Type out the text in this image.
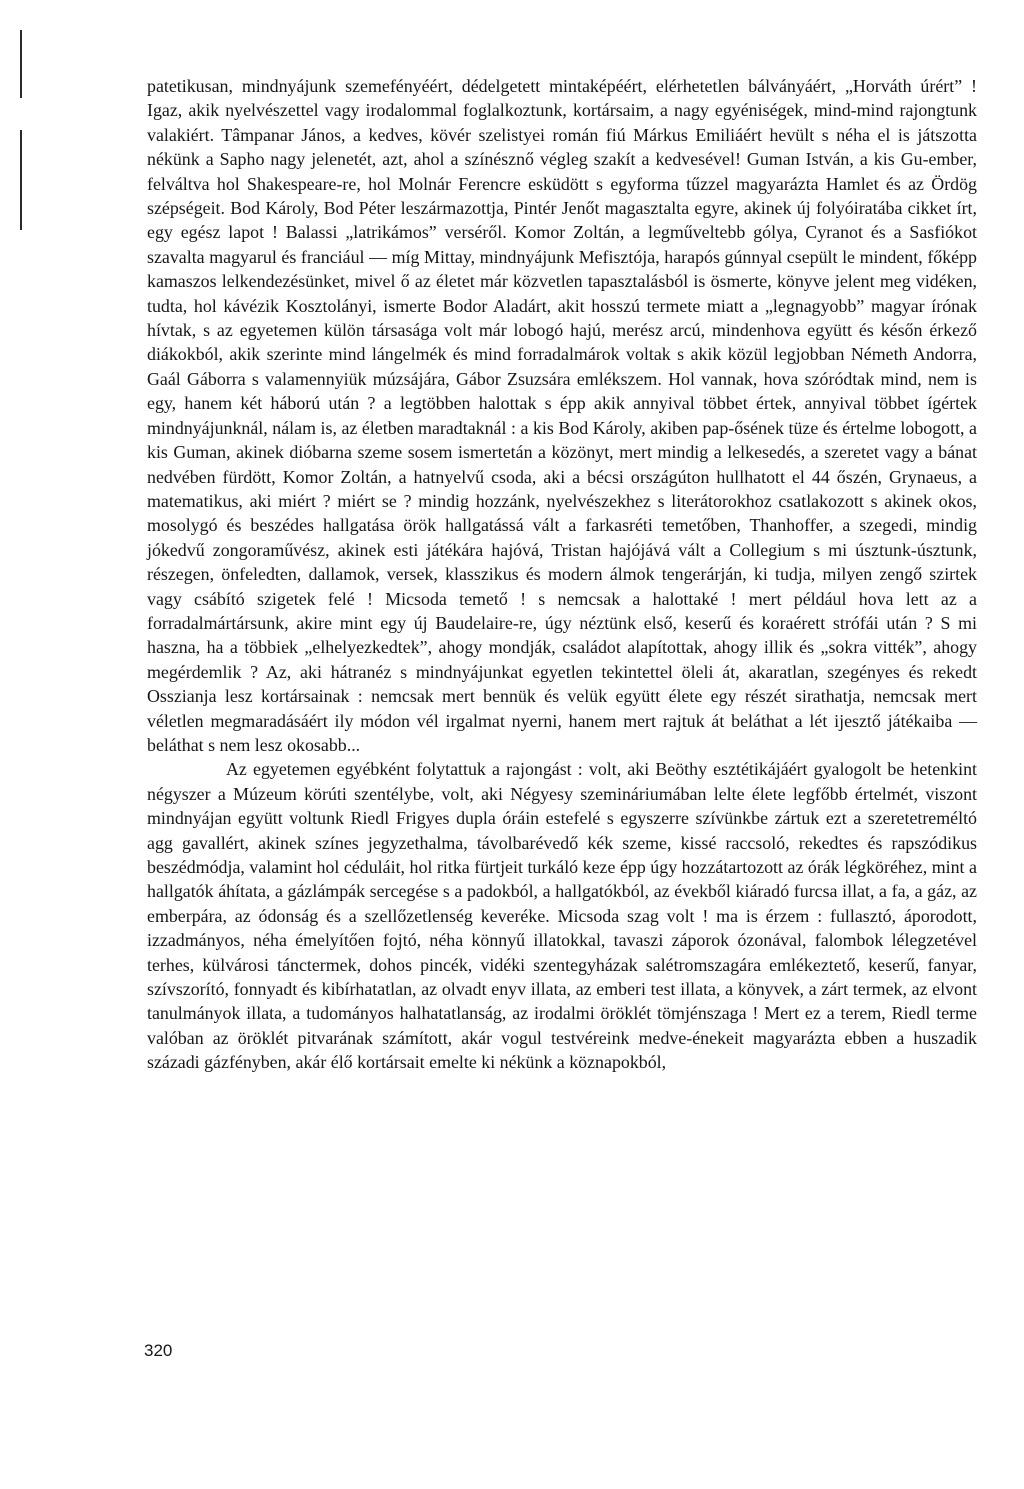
patetikusan, mindnyájunk szemefényéért, dédelgetett mintaképéért, elérhetetlen bálványáért, „Horváth úrért” ! Igaz, akik nyelvészettel vagy irodalommal foglalkoztunk, kortársaim, a nagy egyéniségek, mind-mind rajongtunk valakiért. Tâmpanar János, a kedves, kövér szelistyei román fiú Márkus Emiliáért hevült s néha el is játszotta nékünk a Sapho nagy jelenetét, azt, ahol a színésznő végleg szakít a kedvesével! Guman István, a kis Gu-ember, felváltva hol Shakespeare-re, hol Molnár Ferencre esküdött s egyforma tűzzel magyarázta Hamlet és az Ördög szépségeit. Bod Károly, Bod Péter leszármazottja, Pintér Jenőt magasztalta egyre, akinek új folyóiratába cikket írt, egy egész lapot ! Balassi „latrikámos” verséről. Komor Zoltán, a legműveltebb gólya, Cyranot és a Sasfiókot szavalta magyarul és franciául — míg Mittay, mindnyájunk Mefisztója, harapós gúnnyal csepült le mindent, főképp kamaszos lelkendezésünket, mivel ő az életet már közvetlen tapasztalásból is ösmerte, könyve jelent meg vidéken, tudta, hol kávézik Kosztolányi, ismerte Bodor Aladárt, akit hosszú termete miatt a „legnagyobb” magyar írónak hívtak, s az egyetemen külön társasága volt már lobogó hajú, merész arcú, mindenhova együtt és későn érkező diákokból, akik szerinte mind lángelmék és mind forradalmárok voltak s akik közül legjobban Németh Andorra, Gaál Gáborra s valamennyiük múzsájára, Gábor Zsuzsára emlékszem. Hol vannak, hova szóródtak mind, nem is egy, hanem két háború után ? a legtöbben halottak s épp akik annyival többet értek, annyival többet ígértek mindnyájunknál, nálam is, az életben maradtaknál : a kis Bod Károly, akiben pap-ősének tüze és értelme lobogott, a kis Guman, akinek dióbarna szeme sosem ismertetán a közönyt, mert mindig a lelkesedés, a szeretet vagy a bánat nedvében fürdött, Komor Zoltán, a hatnyelvű csoda, aki a bécsi országúton hullhatott el 44 őszén, Grynaeus, a matematikus, aki miért ? miért se ? mindig hozzánk, nyelvészekhez s literátorokhoz csatlakozott s akinek okos, mosolygó és beszédes hallgatása örök hallgatássá vált a farkasréti temetőben, Thanhoffer, a szegedi, mindig jókedvű zongoraművész, akinek esti játékára hajóvá, Tristan hajójává vált a Collegium s mi úsztunk-úsztunk, részegen, önfeledten, dallamok, versek, klasszikus és modern álmok tengerárján, ki tudja, milyen zengő szirtek vagy csábító szigetek felé ! Micsoda temető ! s nemcsak a halottaké ! mert például hova lett az a forradalmártársunk, akire mint egy új Baudelaire-re, úgy néztünk első, keserű és koraérett strófái után ? S mi haszna, ha a többiek „elhelyezkedtek”, ahogy mondják, családot alapítottak, ahogy illik és „sokra vitték”, ahogy megérdemlik ? Az, aki hátranéz s mindnyájunkat egyetlen tekintettel öleli át, akaratlan, szegényes és rekedt Osszianja lesz kortársainak : nemcsak mert bennük és velük együtt élete egy részét sirathatja, nemcsak mert véletlen megmaradásáért ily módon vél irgalmat nyerni, hanem mert rajtuk át beláthat a lét ijesztő játékaiba — beláthat s nem lesz okosabb...

Az egyetemen egyébként folytattuk a rajongást : volt, aki Beöthy esztétikájáért gyalogolt be hetenkint négyszer a Múzeum körúti szentélybe, volt, aki Négyesy szemináriumában lelte élete legfőbb értelmét, viszont mindnyájan együtt voltunk Riedl Frigyes dupla óráin estefelé s egyszerre szívünkbe zártuk ezt a szeretetreméltó agg gavallért, akinek színes jegyzethalma, távolbarévedő kék szeme, kissé raccsoló, rekedtes és rapszódikus beszédmódja, valamint hol céduláit, hol ritka fürtjeit turkáló keze épp úgy hozzátartozott az órák légköréhez, mint a hallgatók áhítata, a gázlámpák sercegése s a padokból, a hallgatókból, az évekből kiáradó furcsa illat, a fa, a gáz, az emberpára, az ódonság és a szellőzetlenség keveréke. Micsoda szag volt ! ma is érzem : fullasztó, áporodott, izzadmányos, néha émelyítően fojtó, néha könnyű illatokkal, tavaszi záporok ózonával, falombok lélegzetével terhes, külvárosi tánctermek, dohos pincék, vidéki szentegyházak salétromszagára emlékeztető, keserű, fanyar, szívszorító, fonnyadt és kibírhatatlan, az olvadt enyv illata, az emberi test illata, a könyvek, a zárt termek, az elvont tanulmányok illata, a tudományos halhatatlanság, az irodalmi öröklét tömjénszaga ! Mert ez a terem, Riedl terme valóban az öröklét pitvarának számított, akár vogul testvéreink medve-énekeit magyarázta ebben a huszadik századi gázfényben, akár élő kortársait emelte ki nékünk a köznapokból,

320
